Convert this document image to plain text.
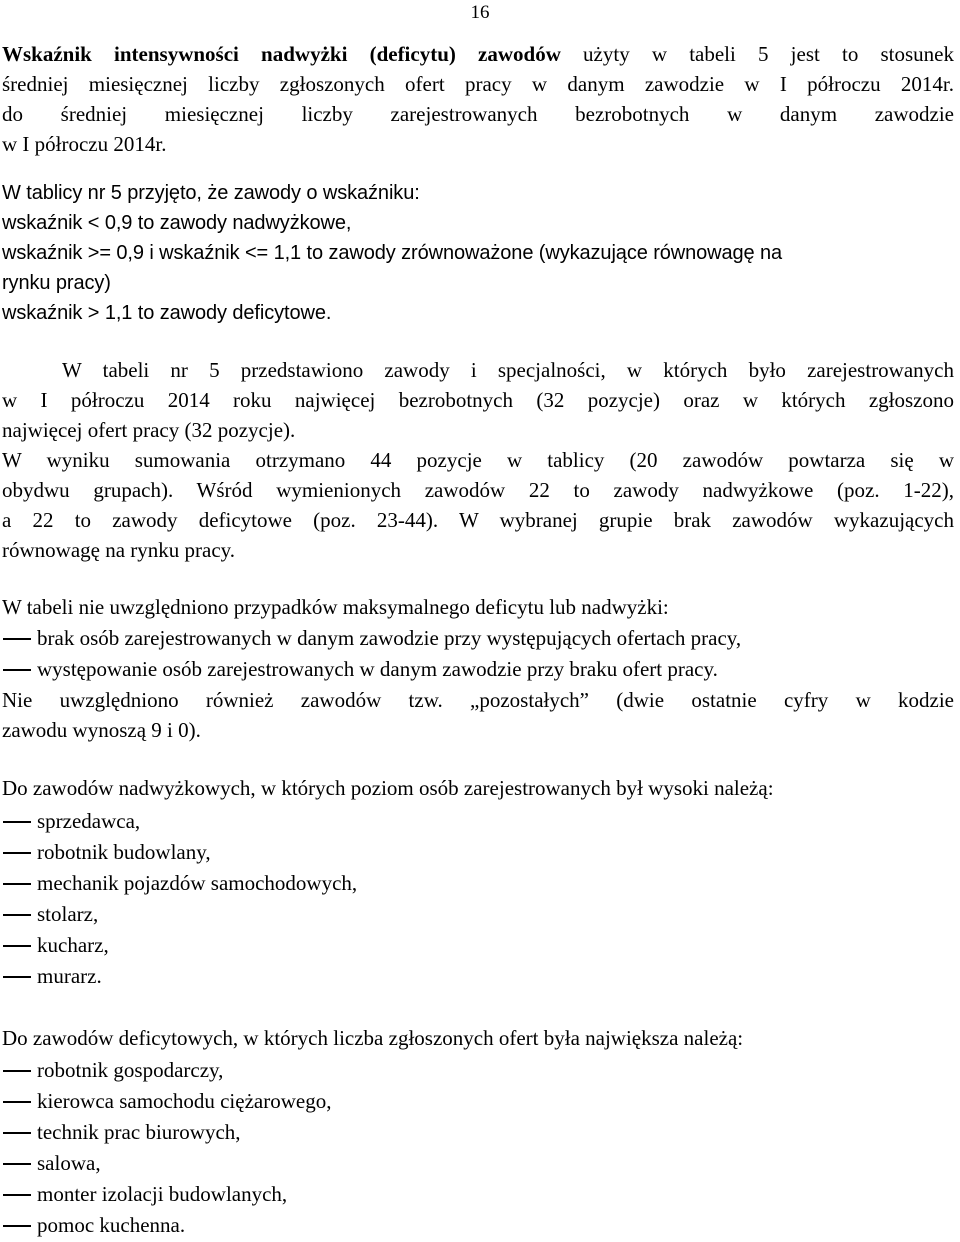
16
Wskaźnik intensywności nadwyżki (deficytu) zawodów użyty w tabeli 5 jest to stosunek
średniej miesięcznej liczby zgłoszonych ofert pracy w danym zawodzie w I półroczu 2014r.
do średniej miesięcznej liczby zarejestrowanych bezrobotnych w danym zawodzie
w I półroczu 2014r.
W tablicy nr 5 przyjęto, że zawody o wskaźniku:
wskaźnik < 0,9 to zawody nadwyżkowe,
wskaźnik >= 0,9 i wskaźnik <= 1,1 to zawody zrównoważone (wykazujące równowagę na
rynku pracy)
wskaźnik > 1,1 to zawody deficytowe.
W tabeli nr 5 przedstawiono zawody i specjalności, w których było zarejestrowanych
w I półroczu 2014 roku najwięcej bezrobotnych (32 pozycje) oraz w których zgłoszono
najwięcej ofert pracy (32 pozycje).
W wyniku sumowania otrzymano 44 pozycje w tablicy (20 zawodów powtarza się w
obydwu grupach). Wśród wymienionych zawodów 22 to zawody nadwyżkowe (poz. 1-22),
a 22 to zawody deficytowe (poz. 23-44). W wybranej grupie brak zawodów wykazujących
równowagę na rynku pracy.
W tabeli nie uwzględniono przypadków maksymalnego deficytu lub nadwyżki:
brak osób zarejestrowanych w danym zawodzie przy występujących ofertach pracy,
występowanie osób zarejestrowanych w danym zawodzie przy braku ofert pracy.
Nie uwzględniono również zawodów tzw. „pozostałych” (dwie ostatnie cyfry w kodzie
zawodu wynoszą 9 i 0).
Do zawodów nadwyżkowych, w których poziom osób zarejestrowanych był wysoki należą:
sprzedawca,
robotnik budowlany,
mechanik pojazdów samochodowych,
stolarz,
kucharz,
murarz.
Do zawodów deficytowych, w których liczba zgłoszonych ofert była największa należą:
robotnik gospodarczy,
kierowca samochodu ciężarowego,
technik prac biurowych,
salowa,
monter izolacji budowlanych,
pomoc kuchenna.
